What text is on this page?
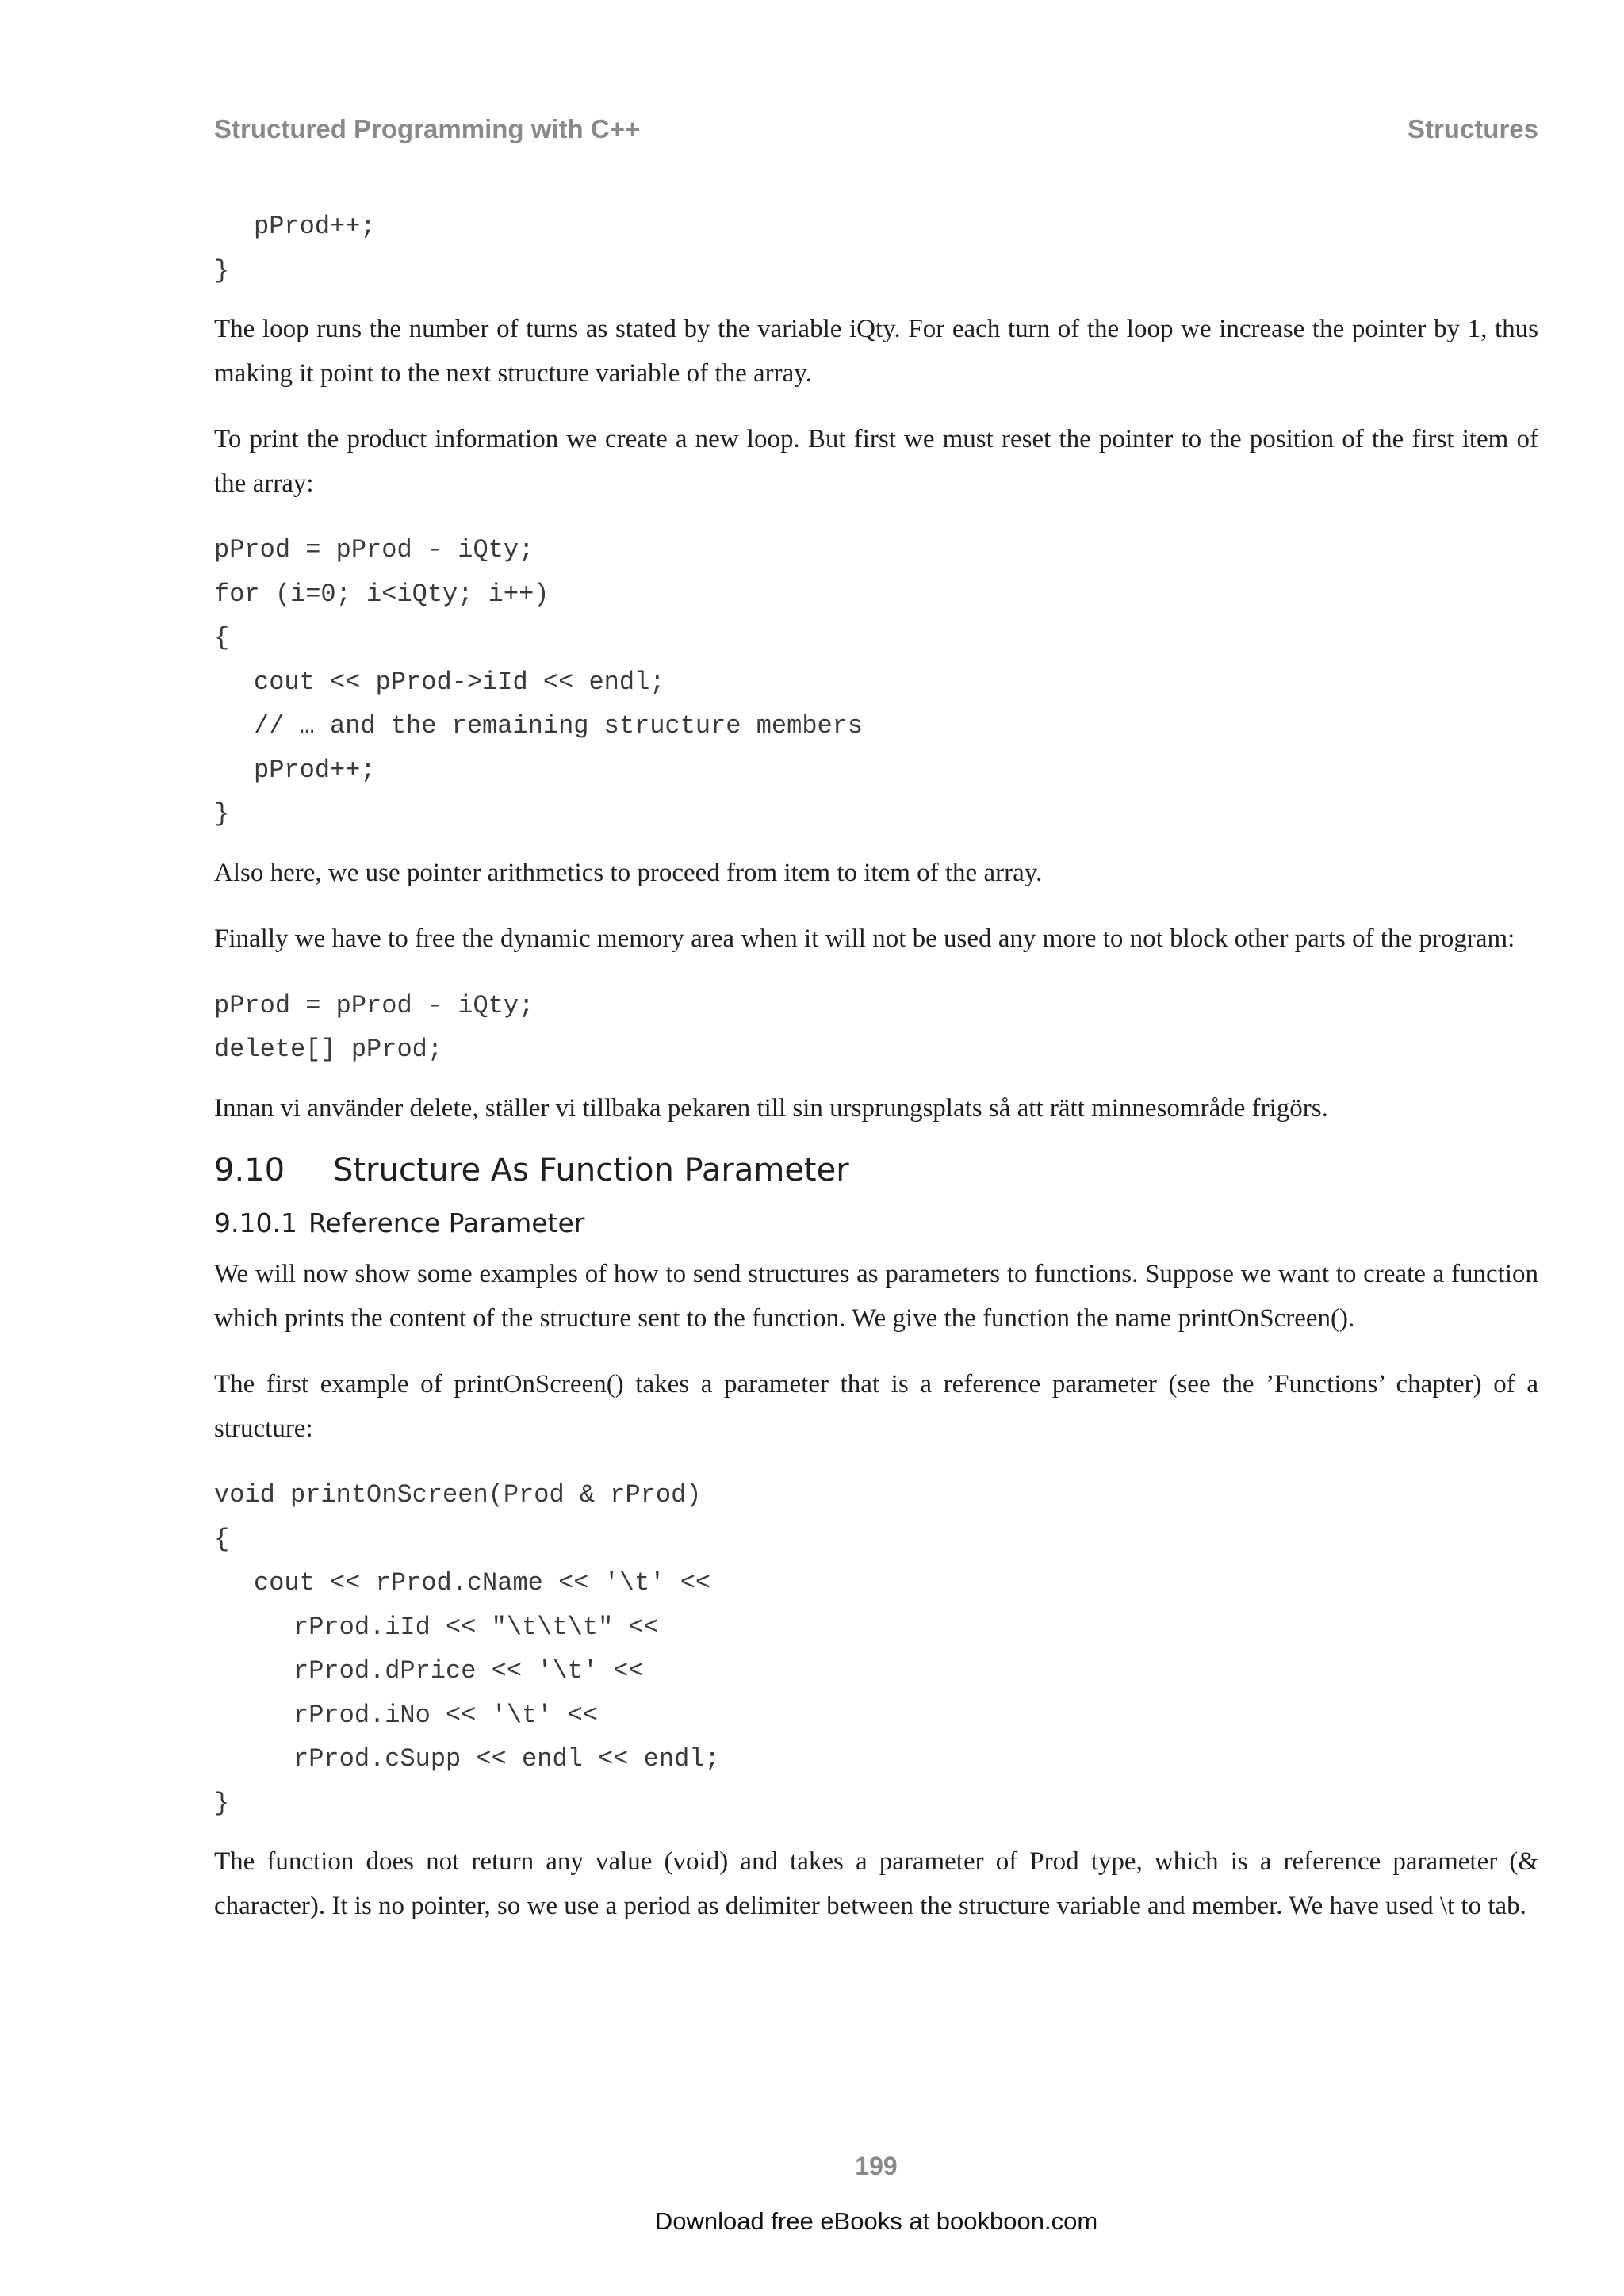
Structured Programming with C++	Structures
pProd++;
}

The loop runs the number of turns as stated by the variable iQty. For each turn of the loop we increase the pointer by 1, thus making it point to the next structure variable of the array.

To print the product information we create a new loop. But first we must reset the pointer to the position of the first item of the array:

pProd = pProd - iQty;
for (i=0; i<iQty; i++)
{
cout << pProd->iId << endl;
// … and the remaining structure members
pProd++;
}

Also here, we use pointer arithmetics to proceed from item to item of the array.

Finally we have to free the dynamic memory area when it will not be used any more to not block other parts of the program:

pProd = pProd - iQty;
delete[] pProd;

Innan vi använder delete, ställer vi tillbaka pekaren till sin ursprungsplats så att rätt minnesområde frigörs.

9.10 Structure As Function Parameter
9.10.1 Reference Parameter

We will now show some examples of how to send structures as parameters to functions. Suppose we want to create a function which prints the content of the structure sent to the function. We give the function the name printOnScreen().

The first example of printOnScreen() takes a parameter that is a reference parameter (see the ’Functions’ chapter) of a structure:

void printOnScreen(Prod & rProd)
{
cout << rProd.cName << '\t' <<
rProd.iId << "\t\t\t" <<
rProd.dPrice << '\t' <<
rProd.iNo << '\t' <<
rProd.cSupp << endl << endl;
}

The function does not return any value (void) and takes a parameter of Prod type, which is a reference parameter (& character). It is no pointer, so we use a period as delimiter between the structure variable and member. We have used \t to tab.

199
Download free eBooks at bookboon.com
